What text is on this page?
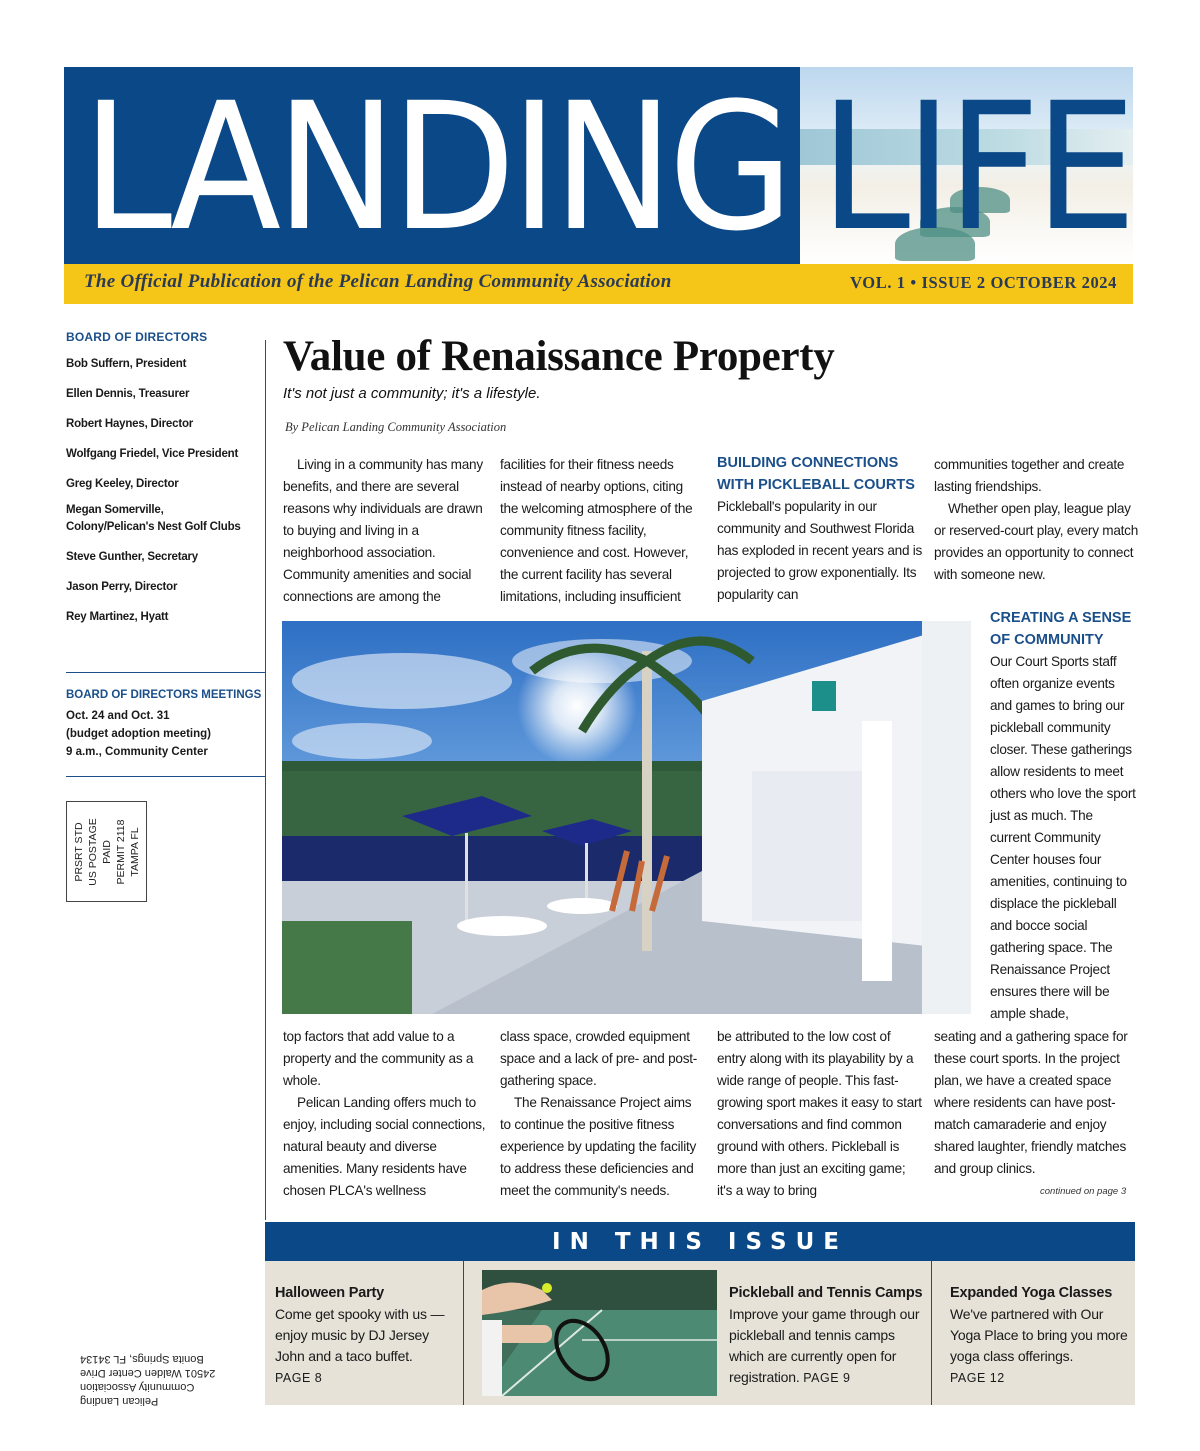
LANDING LIFE
The Official Publication of the Pelican Landing Community Association	VOL. 1 • ISSUE 2 OCTOBER 2024
BOARD OF DIRECTORS
Bob Suffern, President
Ellen Dennis, Treasurer
Robert Haynes, Director
Wolfgang Friedel, Vice President
Greg Keeley, Director
Megan Somerville,
Colony/Pelican's Nest Golf Clubs
Steve Gunther, Secretary
Jason Perry, Director
Rey Martinez, Hyatt
BOARD OF DIRECTORS MEETINGS
Oct. 24 and Oct. 31
(budget adoption meeting)
9 a.m., Community Center
PRSRT STD
US POSTAGE
PAID
PERMIT 2118
TAMPA FL
Pelican Landing
Community Association
24501 Walden Center Drive
Bonita Springs, FL 34134
Value of Renaissance Property
It's not just a community; it's a lifestyle.
By Pelican Landing Community Association

Living in a community has many benefits, and there are several reasons why individuals are drawn to buying and living in a neighborhood association. Community amenities and social connections are among the

facilities for their fitness needs instead of nearby options, citing the welcoming atmosphere of the community fitness facility, convenience and cost. However, the current facility has several limitations, including insufficient

BUILDING CONNECTIONS WITH PICKLEBALL COURTS

Pickleball's popularity in our community and Southwest Florida has exploded in recent years and is projected to grow exponentially. Its popularity can

communities together and create lasting friendships.

Whether open play, league play or reserved-court play, every match provides an opportunity to connect with someone new.

CREATING A SENSE OF COMMUNITY

Our Court Sports staff often organize events and games to bring our pickleball community closer. These gatherings allow residents to meet others who love the sport just as much. The current Community Center houses four amenities, continuing to displace the pickleball and bocce social gathering space. The Renaissance Project ensures there will be ample shade,

top factors that add value to a property and the community as a whole.

Pelican Landing offers much to enjoy, including social connections, natural beauty and diverse amenities. Many residents have chosen PLCA's wellness

class space, crowded equipment space and a lack of pre- and post-gathering space.

The Renaissance Project aims to continue the positive fitness experience by updating the facility to address these deficiencies and meet the community's needs.

be attributed to the low cost of entry along with its playability by a wide range of people. This fast-growing sport makes it easy to start conversations and find common ground with others. Pickleball is more than just an exciting game; it's a way to bring

seating and a gathering space for these court sports. In the project plan, we have a created space where residents can have post-match camaraderie and enjoy shared laughter, friendly matches and group clinics.

continued on page 3
IN THIS ISSUE
Halloween Party
Come get spooky with us — enjoy music by DJ Jersey John and a taco buffet.
PAGE 8
Pickleball and Tennis Camps
Improve your game through our pickleball and tennis camps which are currently open for registration. PAGE 9
Expanded Yoga Classes
We've partnered with Our Yoga Place to bring you more yoga class offerings.
PAGE 12
